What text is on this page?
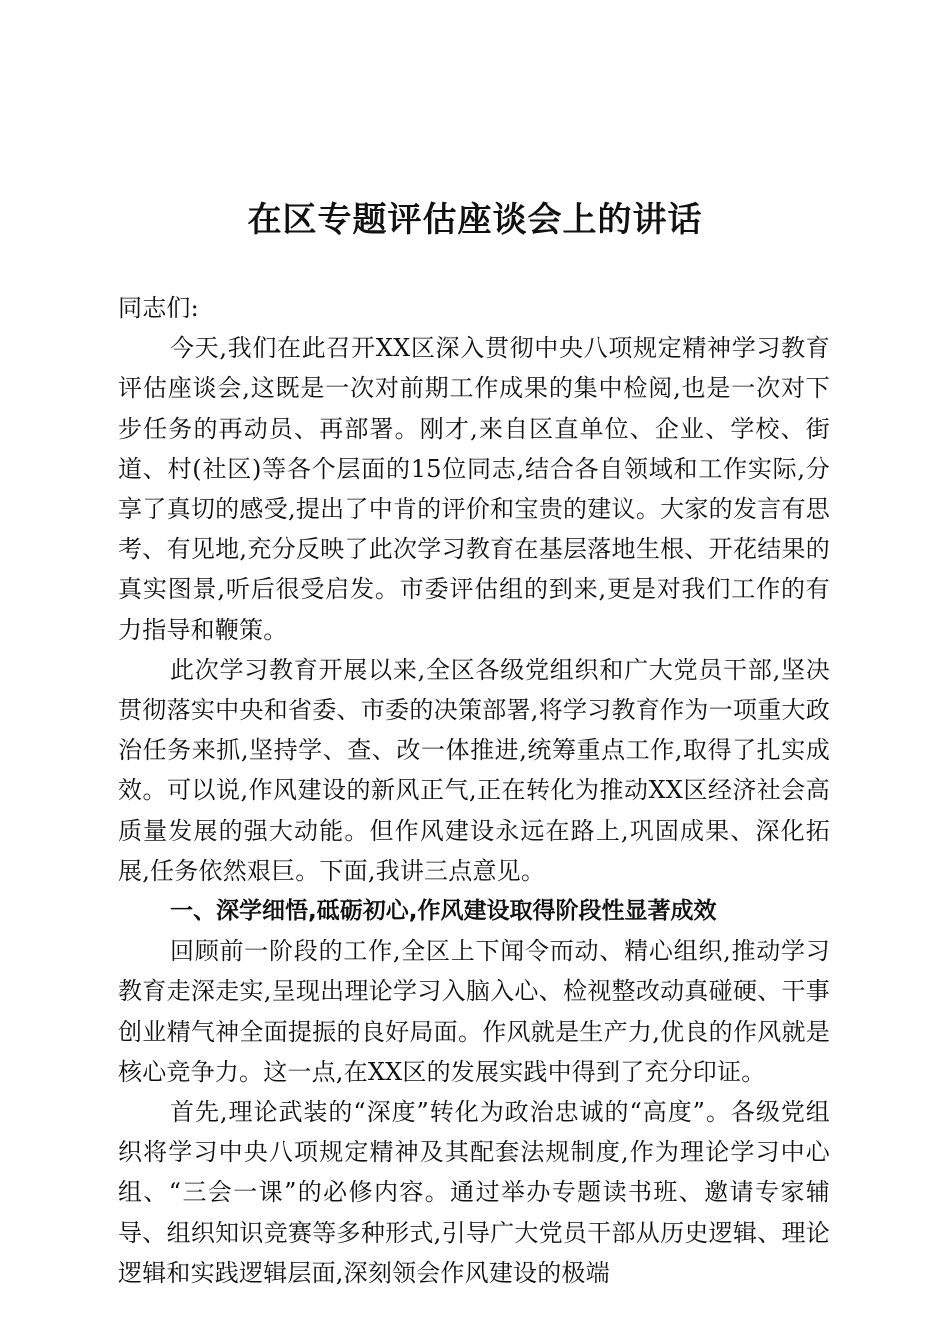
在区专题评估座谈会上的讲话

同志们:

今天,我们在此召开XX区深入贯彻中央八项规定精神学习教育评估座谈会,这既是一次对前期工作成果的集中检阅,也是一次对下步任务的再动员、再部署。刚才,来自区直单位、企业、学校、街道、村(社区)等各个层面的15位同志,结合各自领域和工作实际,分享了真切的感受,提出了中肯的评价和宝贵的建议。大家的发言有思考、有见地,充分反映了此次学习教育在基层落地生根、开花结果的真实图景,听后很受启发。市委评估组的到来,更是对我们工作的有力指导和鞭策。

此次学习教育开展以来,全区各级党组织和广大党员干部,坚决贯彻落实中央和省委、市委的决策部署,将学习教育作为一项重大政治任务来抓,坚持学、查、改一体推进,统筹重点工作,取得了扎实成效。可以说,作风建设的新风正气,正在转化为推动XX区经济社会高质量发展的强大动能。但作风建设永远在路上,巩固成果、深化拓展,任务依然艰巨。下面,我讲三点意见。

一、深学细悟,砥砺初心,作风建设取得阶段性显著成效

回顾前一阶段的工作,全区上下闻令而动、精心组织,推动学习教育走深走实,呈现出理论学习入脑入心、检视整改动真碰硬、干事创业精气神全面提振的良好局面。作风就是生产力,优良的作风就是核心竞争力。这一点,在XX区的发展实践中得到了充分印证。

首先,理论武装的“深度”转化为政治忠诚的“高度”。各级党组织将学习中央八项规定精神及其配套法规制度,作为理论学习中心组、“三会一课”的必修内容。通过举办专题读书班、邀请专家辅导、组织知识竞赛等多种形式,引导广大党员干部从历史逻辑、理论逻辑和实践逻辑层面,深刻领会作风建设的极端
